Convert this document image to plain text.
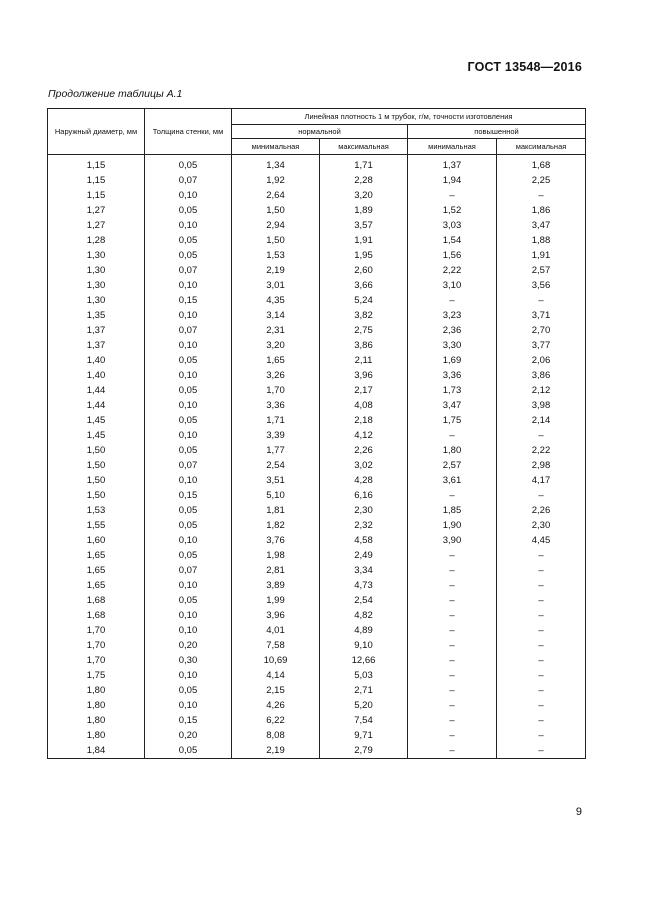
ГОСТ 13548—2016
Продолжение таблицы А.1
Наружный диаметр, мм	Толщина стенки, мм	Линейная плотность 1 м трубок, г/м, точности изготовления			
		нормальной		повышенной	
		минимальная	максимальная	минимальная	максимальная
1,15	0,05	1,34	1,71	1,37	1,68
1,15	0,07	1,92	2,28	1,94	2,25
1,15	0,10	2,64	3,20	–	–
1,27	0,05	1,50	1,89	1,52	1,86
1,27	0,10	2,94	3,57	3,03	3,47
1,28	0,05	1,50	1,91	1,54	1,88
1,30	0,05	1,53	1,95	1,56	1,91
1,30	0,07	2,19	2,60	2,22	2,57
1,30	0,10	3,01	3,66	3,10	3,56
1,30	0,15	4,35	5,24	–	–
1,35	0,10	3,14	3,82	3,23	3,71
1,37	0,07	2,31	2,75	2,36	2,70
1,37	0,10	3,20	3,86	3,30	3,77
1,40	0,05	1,65	2,11	1,69	2,06
1,40	0,10	3,26	3,96	3,36	3,86
1,44	0,05	1,70	2,17	1,73	2,12
1,44	0,10	3,36	4,08	3,47	3,98
1,45	0,05	1,71	2,18	1,75	2,14
1,45	0,10	3,39	4,12	–	–
1,50	0,05	1,77	2,26	1,80	2,22
1,50	0,07	2,54	3,02	2,57	2,98
1,50	0,10	3,51	4,28	3,61	4,17
1,50	0,15	5,10	6,16	–	–
1,53	0,05	1,81	2,30	1,85	2,26
1,55	0,05	1,82	2,32	1,90	2,30
1,60	0,10	3,76	4,58	3,90	4,45
1,65	0,05	1,98	2,49	–	–
1,65	0,07	2,81	3,34	–	–
1,65	0,10	3,89	4,73	–	–
1,68	0,05	1,99	2,54	–	–
1,68	0,10	3,96	4,82	–	–
1,70	0,10	4,01	4,89	–	–
1,70	0,20	7,58	9,10	–	–
1,70	0,30	10,69	12,66	–	–
1,75	0,10	4,14	5,03	–	–
1,80	0,05	2,15	2,71	–	–
1,80	0,10	4,26	5,20	–	–
1,80	0,15	6,22	7,54	–	–
1,80	0,20	8,08	9,71	–	–
1,84	0,05	2,19	2,79	–	–
9
